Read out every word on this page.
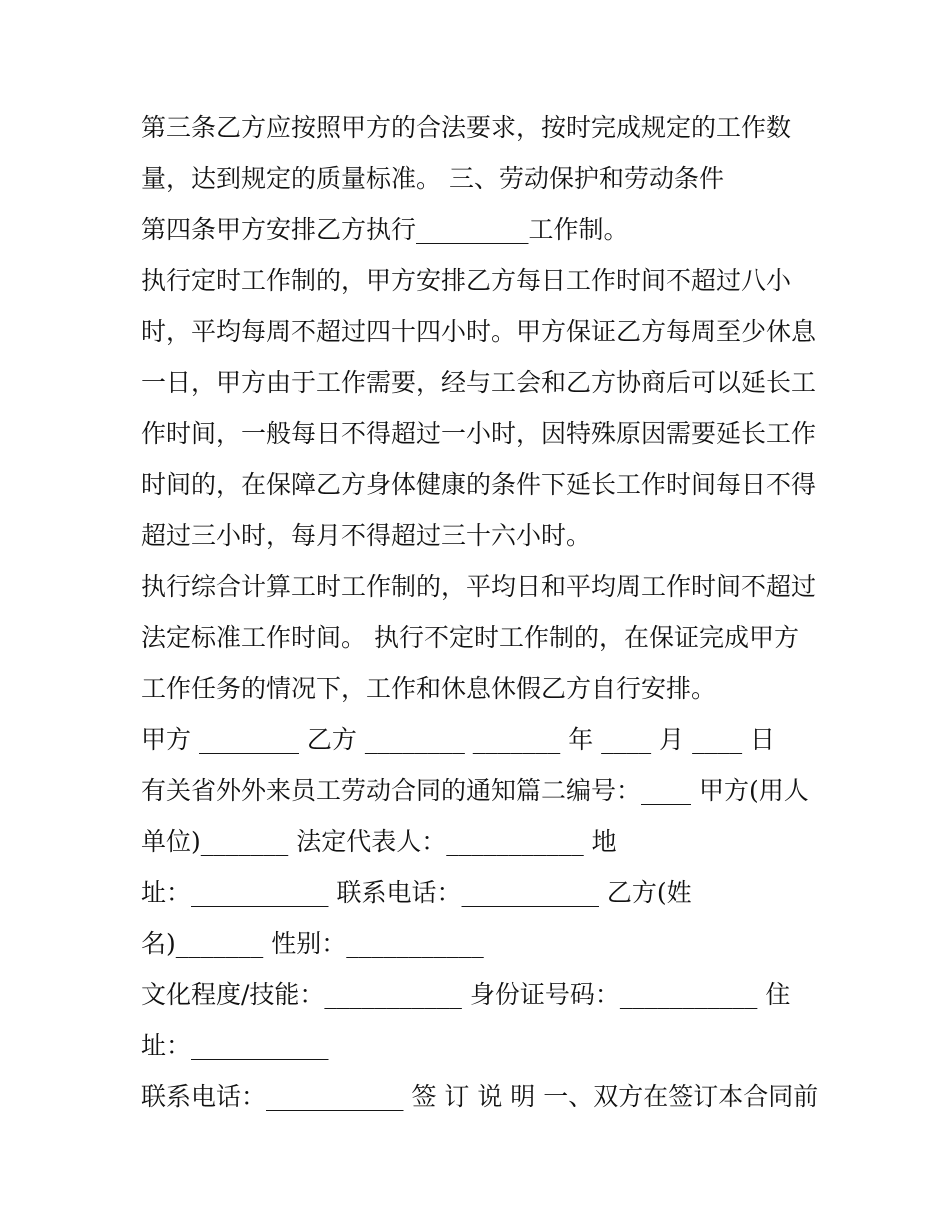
第三条乙方应按照甲方的合法要求，按时完成规定的工作数
量，达到规定的质量标准。 三、劳动保护和劳动条件
第四条甲方安排乙方执行_________工作制。
执行定时工作制的，甲方安排乙方每日工作时间不超过八小
时，平均每周不超过四十四小时。甲方保证乙方每周至少休息
一日，甲方由于工作需要，经与工会和乙方协商后可以延长工
作时间，一般每日不得超过一小时，因特殊原因需要延长工作
时间的，在保障乙方身体健康的条件下延长工作时间每日不得
超过三小时，每月不得超过三十六小时。
执行综合计算工时工作制的，平均日和平均周工作时间不超过
法定标准工作时间。 执行不定时工作制的，在保证完成甲方
工作任务的情况下，工作和休息休假乙方自行安排。
甲方 ________ 乙方 ________ _______ 年 ____ 月 ____ 日
有关省外外来员工劳动合同的通知篇二编号：____ 甲方(用人
单位)_______ 法定代表人：___________ 地
址：___________ 联系电话：___________ 乙方(姓
名)_______ 性别：___________
文化程度/技能：___________ 身份证号码：___________ 住
址：___________
联系电话：___________ 签 订 说 明 一、双方在签订本合同前
